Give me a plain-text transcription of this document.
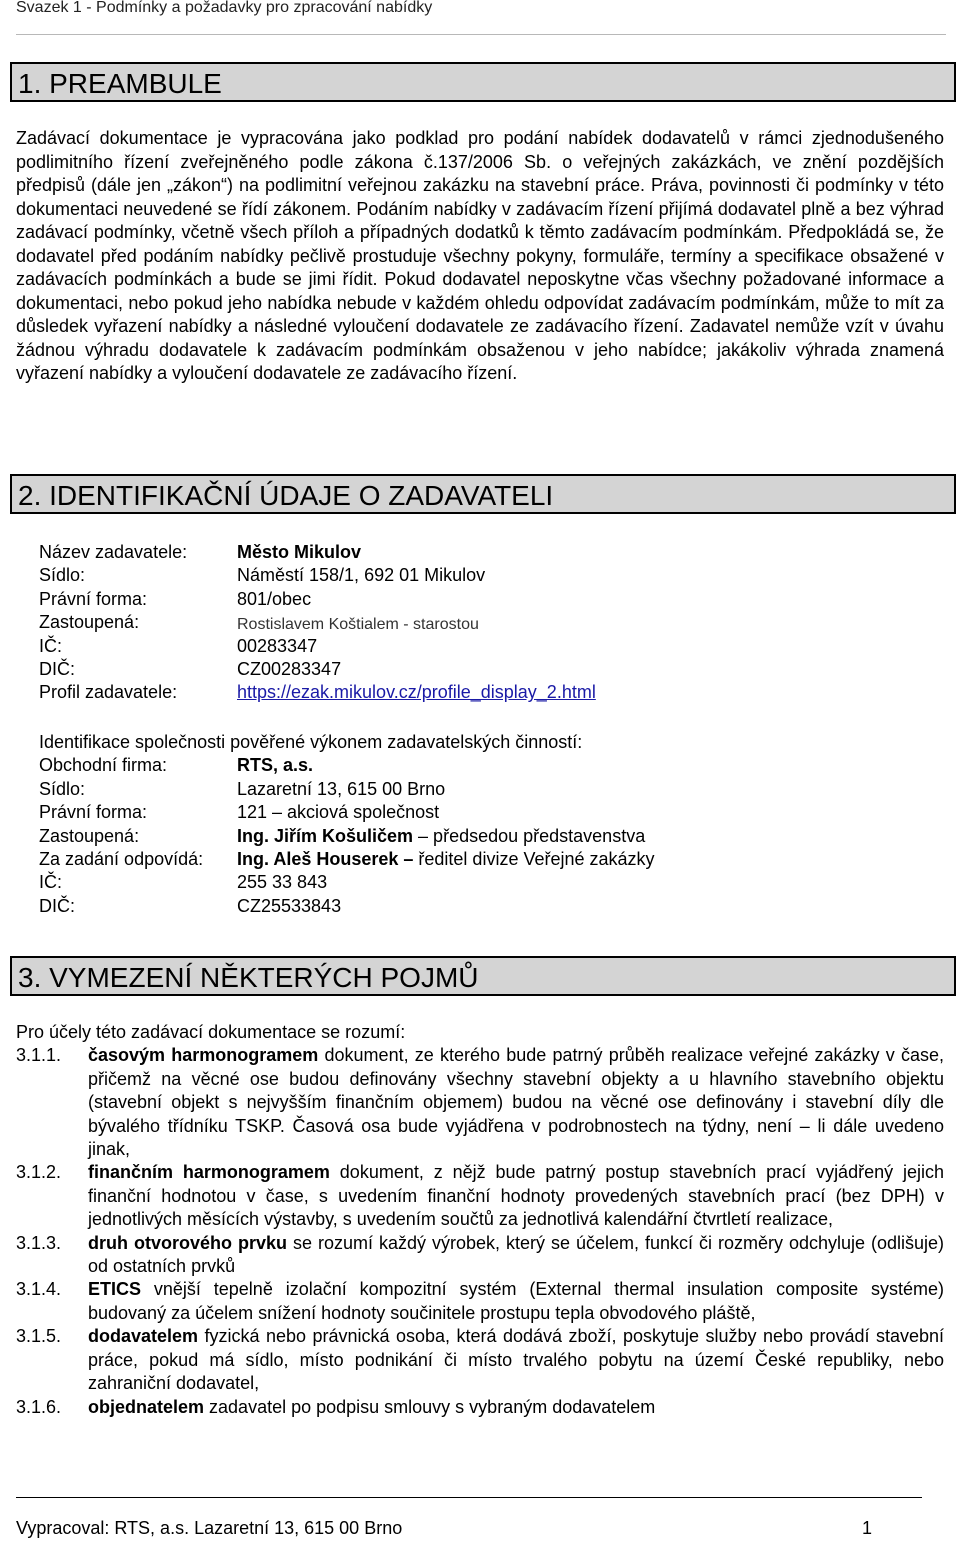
Svazek 1 - Podmínky a požadavky pro zpracování nabídky
1. PREAMBULE

Zadávací dokumentace je vypracována jako podklad pro podání nabídek dodavatelů v rámci zjednodušeného podlimitního řízení zveřejněného podle zákona č.137/2006 Sb. o veřejných zakázkách, ve znění pozdějších předpisů (dále jen „zákon“) na podlimitní veřejnou zakázku na stavební práce. Práva, povinnosti či podmínky v této dokumentaci neuvedené se řídí zákonem. Podáním nabídky v zadávacím řízení přijímá dodavatel plně a bez výhrad zadávací podmínky, včetně všech příloh a případných dodatků k těmto zadávacím podmínkám. Předpokládá se, že dodavatel před podáním nabídky pečlivě prostuduje všechny pokyny, formuláře, termíny a specifikace obsažené v zadávacích podmínkách a bude se jimi řídit. Pokud dodavatel neposkytne včas všechny požadované informace a dokumentaci, nebo pokud jeho nabídka nebude v každém ohledu odpovídat zadávacím podmínkám, může to mít za důsledek vyřazení nabídky a následné vyloučení dodavatele ze zadávacího řízení. Zadavatel nemůže vzít v úvahu žádnou výhradu dodavatele k zadávacím podmínkám obsaženou v jeho nabídce; jakákoliv výhrada znamená vyřazení nabídky a vyloučení dodavatele ze zadávacího řízení.

2. IDENTIFIKAČNÍ ÚDAJE O ZADAVATELI
Název zadavatele:	Město Mikulov
Sídlo:	Náměstí 158/1, 692 01 Mikulov
Právní forma:	801/obec
Zastoupená:	Rostislavem Koštialem - starostou
IČ:	00283347
DIČ:	CZ00283347
Profil zadavatele:	https://ezak.mikulov.cz/profile_display_2.html
Identifikace společnosti pověřené výkonem zadavatelských činností:
Obchodní firma:	RTS, a.s.
Sídlo:	Lazaretní 13, 615 00 Brno
Právní forma:	121 – akciová společnost
Zastoupená:	Ing. Jiřím Košuličem – předsedou představenstva
Za zadání odpovídá: Ing. Aleš Houserek – ředitel divize Veřejné zakázky
IČ:	255 33 843
DIČ:	CZ25533843
3. VYMEZENÍ NĚKTERÝCH POJMŮ
Pro účely této zadávací dokumentace se rozumí:
3.1.1. časovým harmonogramem dokument, ze kterého bude patrný průběh realizace veřejné zakázky v čase, přičemž na věcné ose budou definovány všechny stavební objekty a u hlavního stavebního objektu (stavební objekt s nejvyšším finančním objemem) budou na věcné ose definovány i stavební díly dle bývalého třídníku TSKP. Časová osa bude vyjádřena v podrobnostech na týdny, není – li dále uvedeno jinak,
3.1.2. finančním harmonogramem dokument, z nějž bude patrný postup stavebních prací vyjádřený jejich finanční hodnotou v čase, s uvedením finanční hodnoty provedených stavebních prací (bez DPH) v jednotlivých měsících výstavby, s uvedením součtů za jednotlivá kalendářní čtvrtletí realizace,
3.1.3. druh otvorového prvku se rozumí každý výrobek, který se účelem, funkcí či rozměry odchyluje (odlišuje) od ostatních prvků
3.1.4. ETICS vnější tepelně izolační kompozitní systém (External thermal insulation composite systéme) budovaný za účelem snížení hodnoty součinitele prostupu tepla obvodového pláště,
3.1.5. dodavatelem fyzická nebo právnická osoba, která dodává zboží, poskytuje služby nebo provádí stavební práce, pokud má sídlo, místo podnikání či místo trvalého pobytu na území České republiky, nebo zahraniční dodavatel,
3.1.6. objednatelem zadavatel po podpisu smlouvy s vybraným dodavatelem
Vypracoval: RTS, a.s. Lazaretní 13, 615 00 Brno	1
